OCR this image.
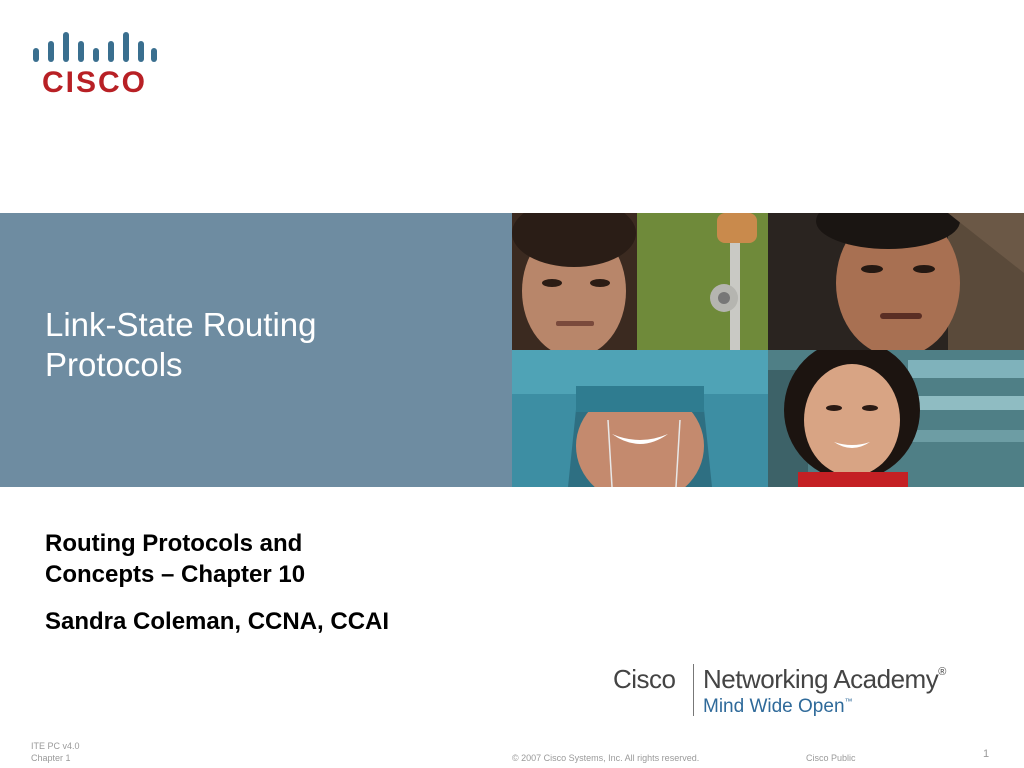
CISCO
Link-State Routing
Protocols
Routing Protocols and
Concepts – Chapter 10
Sandra Coleman, CCNA, CCAI
Cisco Networking Academy®
Mind Wide Open™
ITE PC v4.0
Chapter 1	© 2007 Cisco Systems, Inc. All rights reserved.	Cisco Public	1
